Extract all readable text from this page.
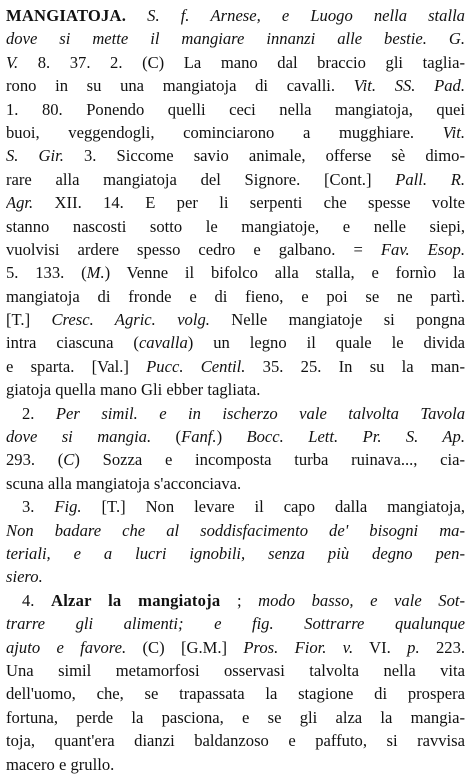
MANGIATOJA. S. f. Arnese, e Luogo nella stalla
dove si mette il mangiare innanzi alle bestie. G.
V. 8. 37. 2. (C) La mano dal braccio gli taglia-
rono in su una mangiatoja di cavalli. Vit. SS. Pad.
1. 80. Ponendo quelli ceci nella mangiatoja, quei
buoi, veggendogli, cominciarono a mugghiare. Vit.
S. Gir. 3. Siccome savio animale, offerse sè dimo-
rare alla mangiatoja del Signore. [Cont.] Pall. R.
Agr. XII. 14. E per li serpenti che spesse volte
stanno nascosti sotto le mangiatoje, e nelle siepi,
vuolvisi ardere spesso cedro e galbano. = Fav. Esop.
5. 133. (M.) Venne il bifolco alla stalla, e fornìo la
mangiatoja di fronde e di fieno, e poi se ne partì.
[T.] Cresc. Agric. volg. Nelle mangiatoje si pongna
intra ciascuna (cavalla) un legno il quale le divida
e sparta. [Val.] Pucc. Centil. 35. 25. In su la man-
giatoja quella mano Gli ebber tagliata.
2. Per simil. e in ischerzo vale talvolta Tavola
dove si mangia. (Fanf.) Bocc. Lett. Pr. S. Ap.
293. (C) Sozza e incomposta turba ruinava..., cia-
scuna alla mangiatoja s'acconciava.
3. Fig. [T.] Non levare il capo dalla mangiatoja,
Non badare che al soddisfacimento de' bisogni ma-
teriali, e a lucri ignobili, senza più degno pen-
siero.
4. Alzar la mangiatoja ; modo basso, e vale Sot-
trarre gli alimenti; e fig. Sottrarre qualunque
ajuto e favore. (C) [G.M.] Pros. Fior. v. VI. p. 223.
Una simil metamorfosi osservasi talvolta nella vita
dell'uomo, che, se trapassata la stagione di prospera
fortuna, perde la pasciona, e se gli alza la mangia-
toja, quant'era dianzi baldanzoso e paffuto, si ravvisa
macero e grullo.
